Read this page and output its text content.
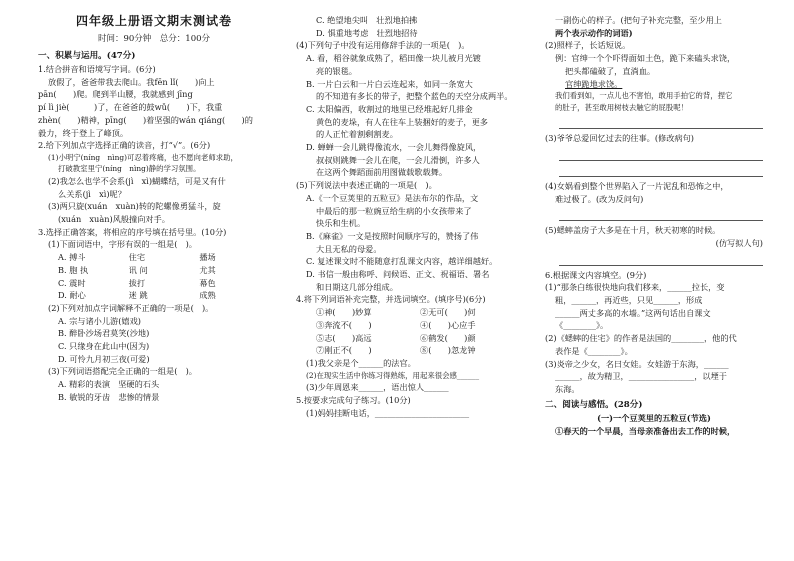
四年级上册语文期末测试卷
时间：90分钟　总分：100分
一、积累与运用。(47分)
1.结合拼音和语境写字词。(6分)
放假了，爸爸带我去爬山。我fēn lǐ(　　)向上
pān(　　)爬。爬到半山腰，我就感到 jīng
pí lì jiè(　　　)了，在爸爸的鼓wǔ(　　)下，我重
zhèn(　　)精神，pīng(　　)着坚强的wán qiáng(　　)的
毅力，终于登上了峰顶。
2.给下列加点字选择正确的读音，打“√”。(6分)
(1)小明宁(níng　nìng)可忍着疼痛，也不愿向老师求助，
打破教室里宁(níng　nìng)静的学习氛围。
(2)我怎么也学不会系(jì　xì)蝴蝶结，可是又有什
么关系(jì　xì)呢？
(3)两只旋(xuán　xuàn)转的陀螺像勇猛斗，旋
(xuán　xuàn)风般撞向对手。
3.选择正确答案，将相应的序号填在括号里。(10分)
(1)下面词语中，字形有误的一组是(　)。
A. 搏斗	住宅	播场
B. 胞 执	讯 问	尤其
C. 震时	拔打	幕色
D. 耐心	迷 跳	成熟
(2)下列对加点字词解释不正确的一项是(　)。
A. 宗与诸小儿游(嬉戏)
B. 醉卧沙场君莫笑(沙地)
C. 只缘身在此山中(因为)
D. 可怜九月初三夜(可爱)
(3)下列词语搭配完全正确的一组是(　)。
A. 精彩的表演　坚硬的石头
B. 敏锐的牙齿　悲惨的情景
C. 绝望地尖叫　壮烈地拍拂
D. 惧重地考虑　壮烈地招待
(4)下列句子中没有运用修辞手法的一项是(　)。
A. 看，稻谷就象成熟了，稻田像一块儿被月光镀
亮的银毯。
B. 一片白云和一片白云连起来，如同一条宽大
的不知道有多长的带子，把整个蓝色的天空分成两半。
C. 太阳偏西，收割过的地里已经堆起好几排金
黄色的麦垛，有人在往车上装捆好的麦子，更多
的人正忙着割剩割麦。
D. 蝉蝉一会儿跳得像流水，一会儿舞得像旋风，
叔叔则跳舞一会儿在爬，一会儿滑倒，许多人
在这两个舞蹈面前用图做载歌载舞。
(5)下列说法中表述正确的一项是(　)。
A.《一个豆荚里的五粒豆》是法布尔的作品，文
中最后的那一粒豌豆给生病的小女孩带来了
快乐和生机。
B.《麻雀》一文是按照时间顺序写的，赞扬了伟
大且无私的母爱。
C. 复述课文时不能随意打乱课文内容，越详细越好。
D. 书信一般由称呼、问候语、正文、祝福语、署名
和日期这几部分组成。
4.将下列词语补充完整，并选词填空。(填序号)(6分)
①神(　　)妙算	②无可(　　)何
③奔流不(　　)	④(　　)心应手
⑤志(　　)高远	⑥鹤发(　　)颜
⑦刚正不(　　)	⑧(　　)忽龙钟
(1)我父亲是个______的法官。
(2)在现实生活中你练习得熟练，用起来很会感______
(3)少年周恩来______，语出惊人______
5.按要求完成句子练习。(10分)
(1)妈妈挂断电话，_______________________
一副伤心的样子。(把句子补充完整，至少用上
两个表示动作的词语)
(2)照样子，长话短说。
例：官绅一个个吓得面如土色，跪下来磕头求饶，
把头都磕破了，直淌血。
官绅跪地求饶。
我们看到如，一点儿也不害怕，敢用手拍它的背，捏它
的肚子，甚至敢用树枝去触它的屁股呢！
(3)爷爷总爱回忆过去的往事。(修改病句)
(4)女娲看到整个世界陷入了一片泥乱和恐怖之中，
难过极了。(改为反问句)
(5)蟋蟀盖房子大多是在十月，秋天初寒的时候。
(仿写拟人句)
6.根据课文内容填空。(9分)
(1)“那条白练很快地向我们移来，______拉长，变
粗，______，再近些，只见______，形成
______两丈多高的水墙。”这两句话出自课文
《________》。
(2)《蟋蟀的住宅》的作者是法国的________，他的代
表作是《________》。
(3)炎帝之少女，名曰女娃。女娃游于东海，______
______，故为精卫，________________，以堙于
东海。
二、阅读与感悟。(28分)
(一)一个豆荚里的五粒豆(节选)
①春天的一个早晨，当母亲准备出去工作的时候，
